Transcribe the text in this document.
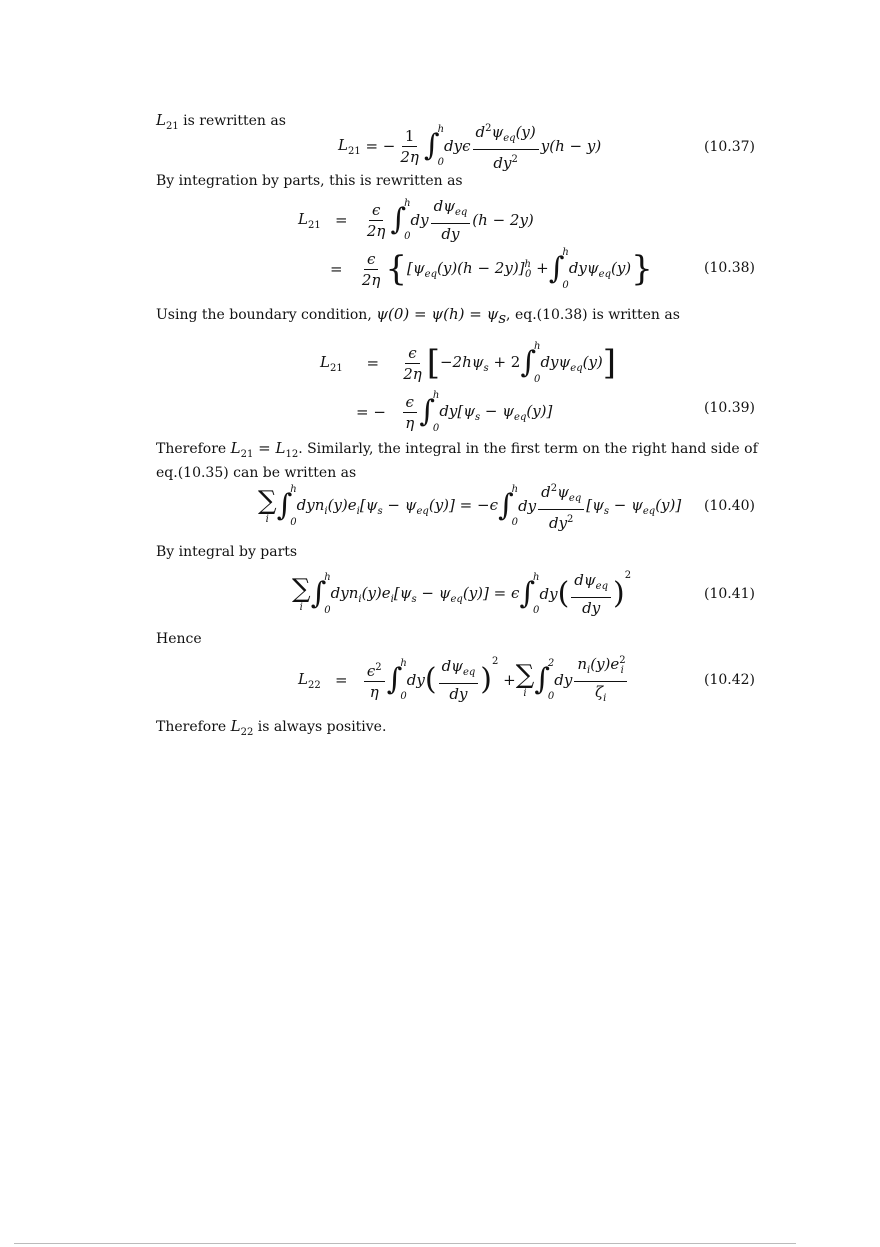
$L_{21}$ is rewritten as
$L_{21}$ = − $\frac{1}{2\eta}$ ∫
h
0
dyϵ $\frac{d^2\psi_{eq}(y)}{dy^2} y(h - y)$	(10.37)
By integration by parts, this is rewritten as
$L_{21} = \frac{\epsilon}{2\eta}$ ∫
h
0
dy $\frac{d\psi_{eq}}{dy} (h - 2y)$
= $\frac{\epsilon}{2\eta}$ { $[\psi_{eq}(y)(h - 2y)]^h_0$ + ∫
h
0
dyψ$_{eq}$(y) }	(10.38)
Using the boundary condition, $\psi(0) = \psi(h) = \psi_s$, eq.(10.38) is written as
$L_{21} = \frac{\epsilon}{2\eta}$ [ $-2h\psi_s + 2$ ∫
h
0
dyψ$_{eq}$(y) ]
= − $\frac{\epsilon}{\eta}$ ∫
h
0
$dy[\psi_s - \psi_{eq}(y)]$	(10.39)
Therefore $L_{21} = L_{12}$. Similarly, the integral in the first term on the right hand side of eq.(10.35) can be written as
∑
i ∫
h
0
$dyn_i(y)e_i[\psi_s - \psi_{eq}(y)] = -\epsilon$ ∫
h
0
dy $\frac{d^2\psi_{eq}}{dy^2} [\psi_s - \psi_{eq}(y)]$ (10.40)
By integral by parts
∑
i ∫
h
0
$dyn_i(y)e_i[\psi_s - \psi_{eq}(y)] = \epsilon$ ∫
h
0
dy ( $\frac{d\psi_{eq}}{dy}$ )
$^2$
(10.41)
Hence
$L_{22} = \frac{\epsilon^2}{\eta}$ ∫
h
0
dy ( $\frac{d\psi_{eq}}{dy}$ )
$^2$
+ ∑
i ∫
2
0
dy $\frac{n_i(y)e^2_i}{\zeta_i}$	(10.42)
Therefore $L_{22}$ is always positive.
